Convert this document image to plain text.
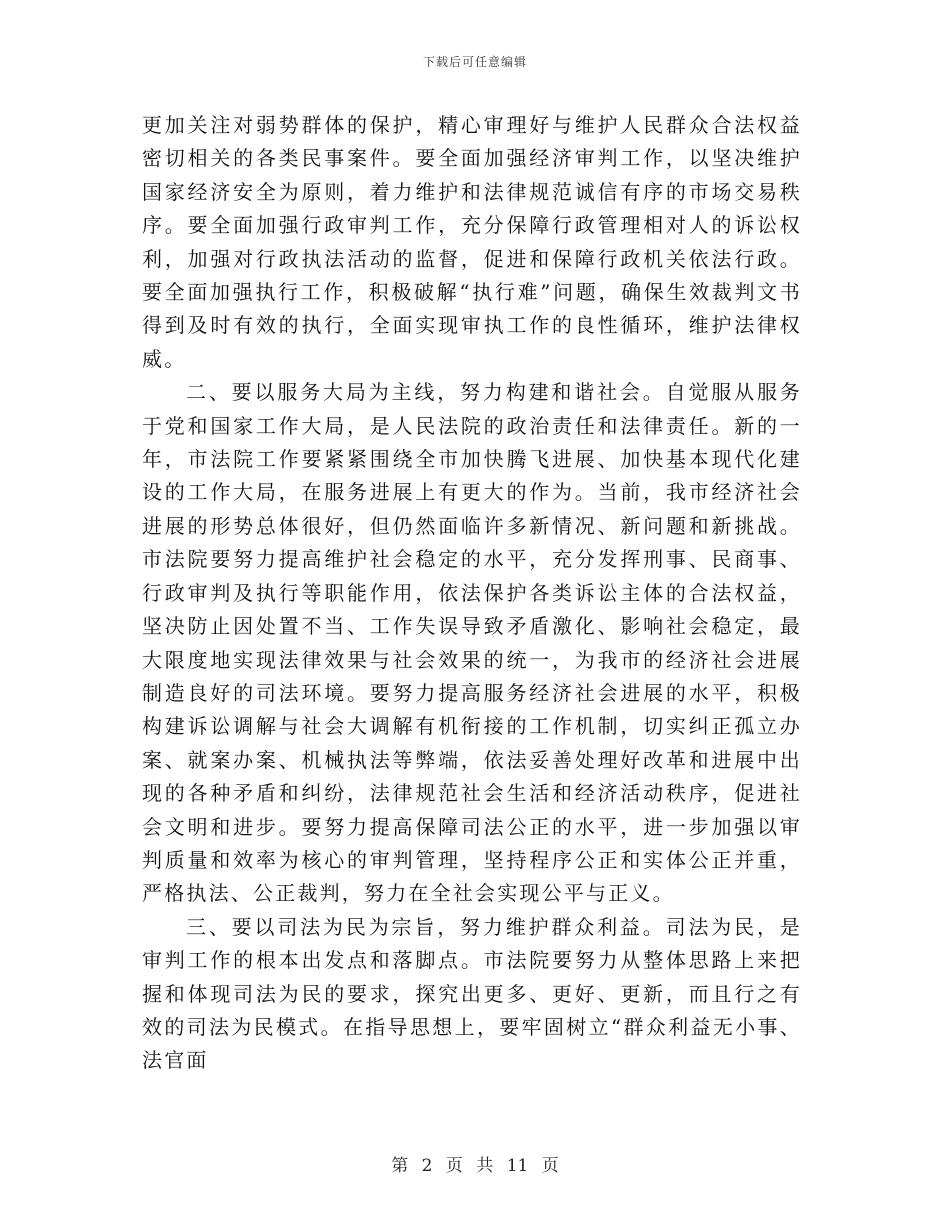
下载后可任意编辑

更加关注对弱势群体的保护，精心审理好与维护人民群众合法权益密切相关的各类民事案件。要全面加强经济审判工作，以坚决维护国家经济安全为原则，着力维护和法律规范诚信有序的市场交易秩序。要全面加强行政审判工作，充分保障行政管理相对人的诉讼权利，加强对行政执法活动的监督，促进和保障行政机关依法行政。要全面加强执行工作，积极破解“执行难”问题，确保生效裁判文书得到及时有效的执行，全面实现审执工作的良性循环，维护法律权威。

二、要以服务大局为主线，努力构建和谐社会。自觉服从服务于党和国家工作大局，是人民法院的政治责任和法律责任。新的一年，市法院工作要紧紧围绕全市加快腾飞进展、加快基本现代化建设的工作大局，在服务进展上有更大的作为。当前，我市经济社会进展的形势总体很好，但仍然面临许多新情况、新问题和新挑战。市法院要努力提高维护社会稳定的水平，充分发挥刑事、民商事、行政审判及执行等职能作用，依法保护各类诉讼主体的合法权益，坚决防止因处置不当、工作失误导致矛盾激化、影响社会稳定，最大限度地实现法律效果与社会效果的统一，为我市的经济社会进展制造良好的司法环境。要努力提高服务经济社会进展的水平，积极构建诉讼调解与社会大调解有机衔接的工作机制，切实纠正孤立办案、就案办案、机械执法等弊端，依法妥善处理好改革和进展中出现的各种矛盾和纠纷，法律规范社会生活和经济活动秩序，促进社会文明和进步。要努力提高保障司法公正的水平，进一步加强以审判质量和效率为核心的审判管理，坚持程序公正和实体公正并重，严格执法、公正裁判，努力在全社会实现公平与正义。

三、要以司法为民为宗旨，努力维护群众利益。司法为民，是审判工作的根本出发点和落脚点。市法院要努力从整体思路上来把握和体现司法为民的要求，探究出更多、更好、更新，而且行之有效的司法为民模式。在指导思想上，要牢固树立“群众利益无小事、法官面

第 2 页 共 11 页
